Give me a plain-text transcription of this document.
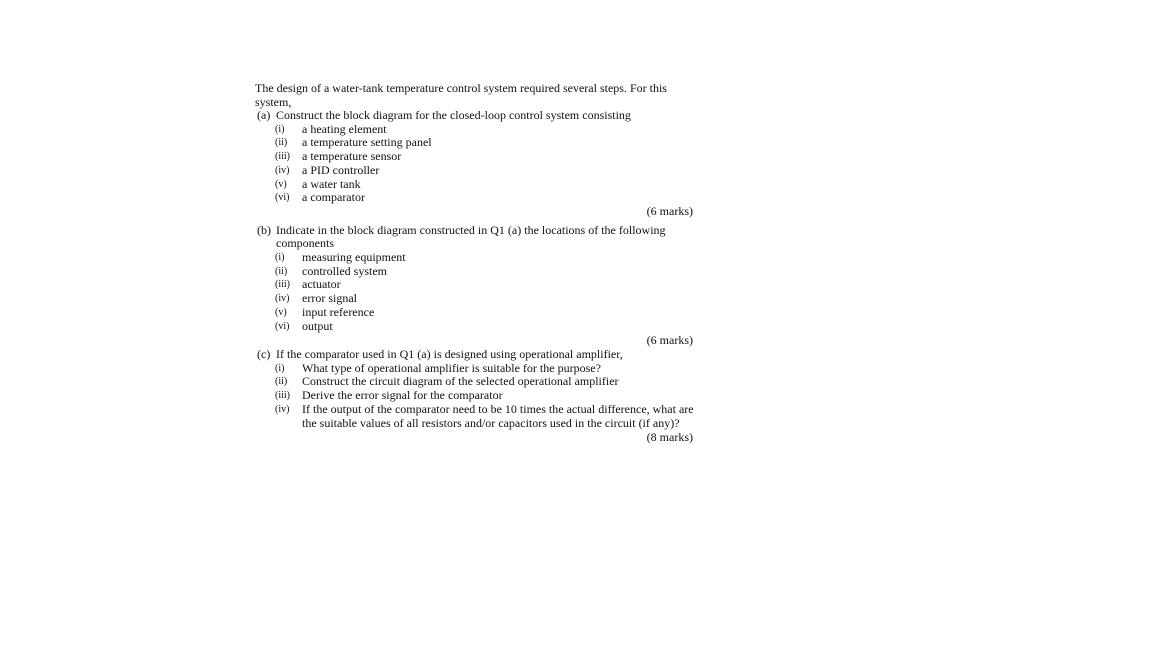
The design of a water-tank temperature control system required several steps. For this system,

(a) Construct the block diagram for the closed-loop control system consisting
(i) a heating element
(ii) a temperature setting panel
(iii) a temperature sensor
(iv) a PID controller
(v) a water tank
(vi) a comparator
(6 marks)
(b) Indicate in the block diagram constructed in Q1 (a) the locations of the following components
(i) measuring equipment
(ii) controlled system
(iii) actuator
(iv) error signal
(v) input reference
(vi) output
(6 marks)
(c) If the comparator used in Q1 (a) is designed using operational amplifier,
(i) What type of operational amplifier is suitable for the purpose?
(ii) Construct the circuit diagram of the selected operational amplifier
(iii) Derive the error signal for the comparator
(iv) If the output of the comparator need to be 10 times the actual difference, what are the suitable values of all resistors and/or capacitors used in the circuit (if any)?
(8 marks)
